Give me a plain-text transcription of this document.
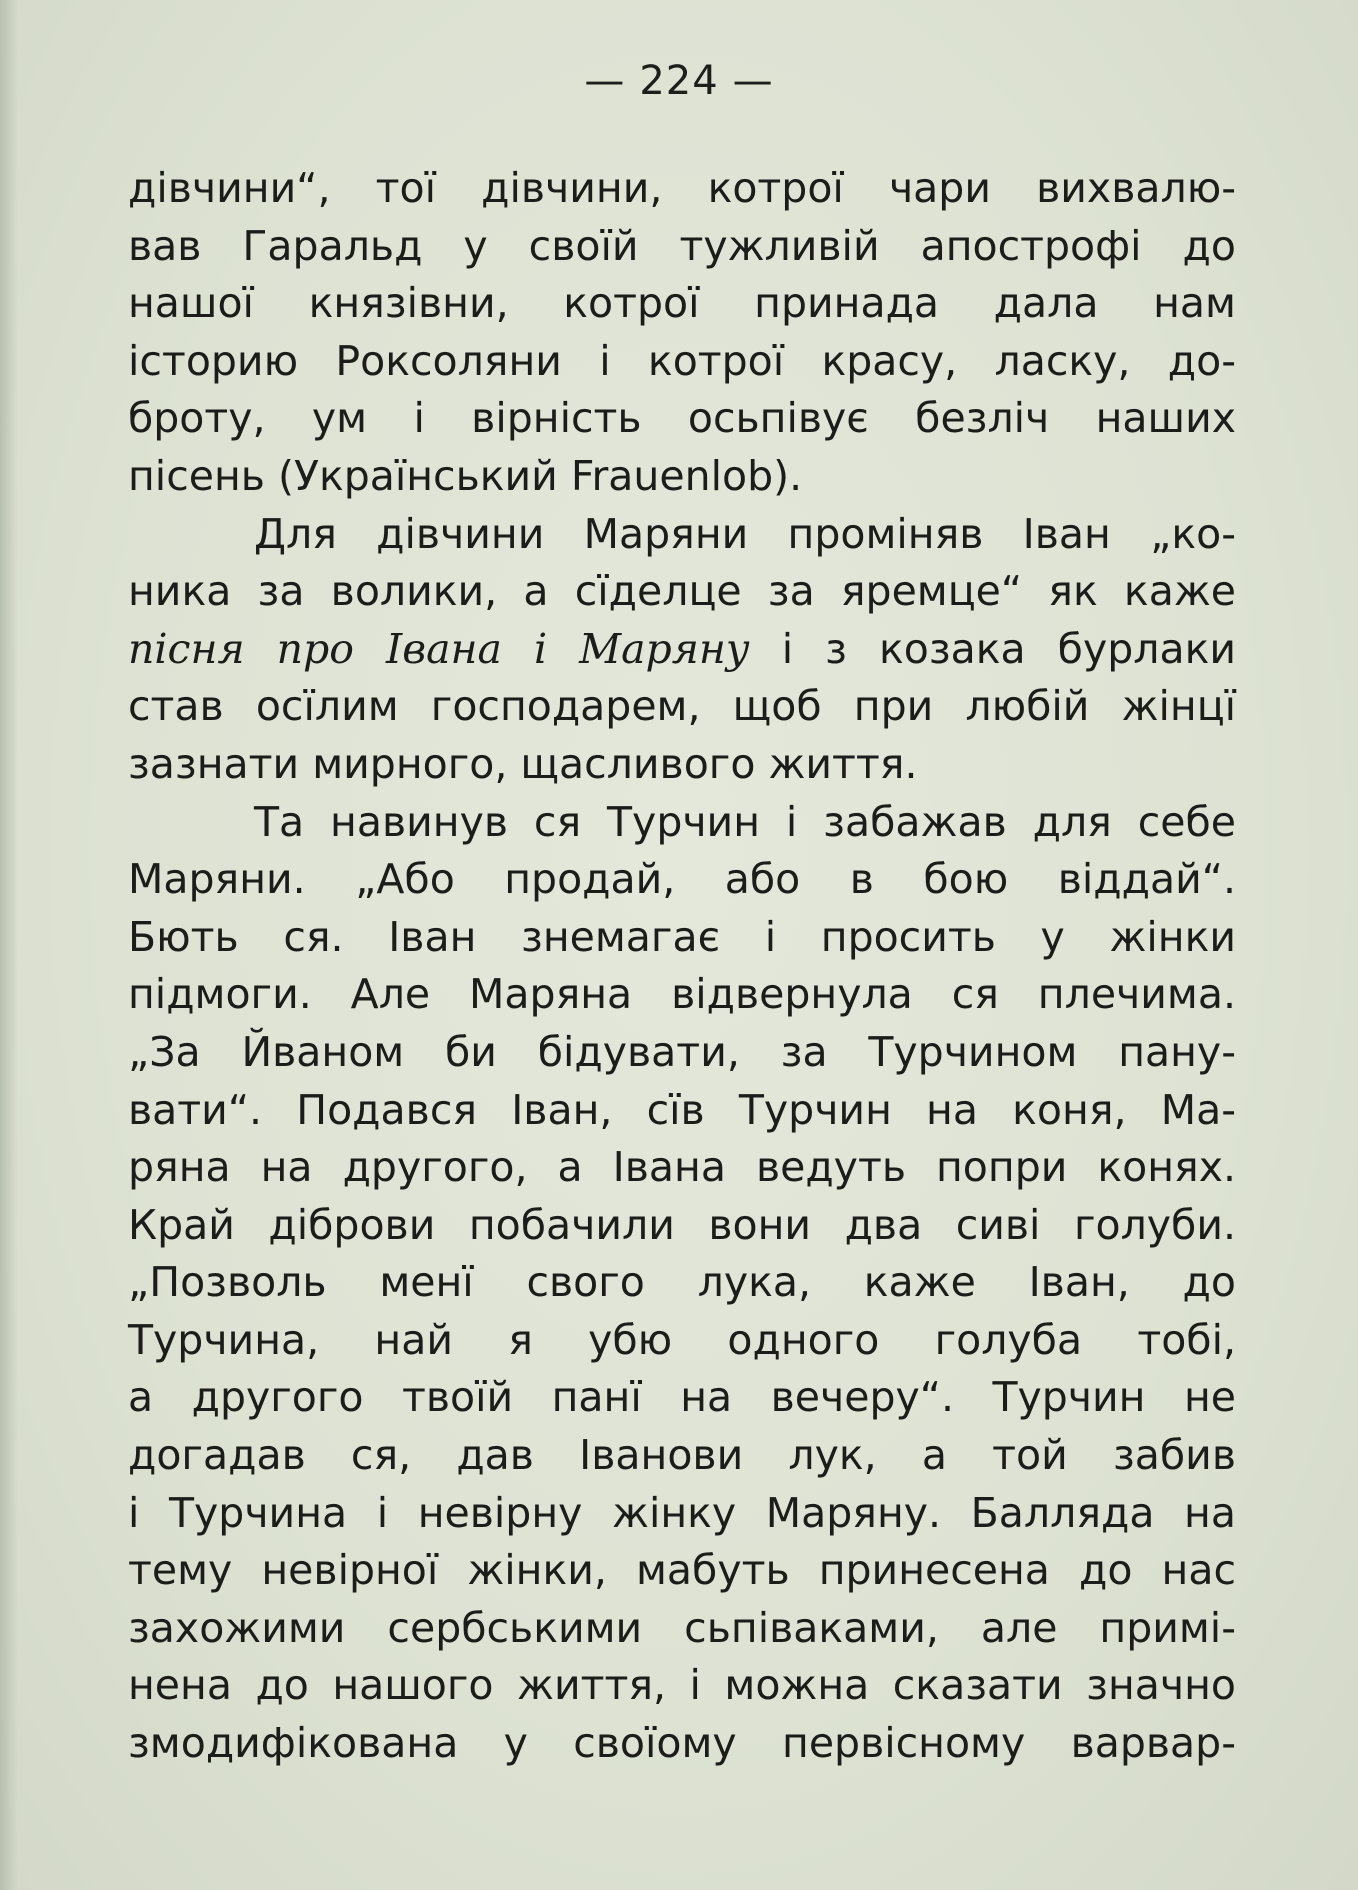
— 224 —

дівчини“, тої дівчини, котрої чари вихвалю-
вав Гаральд у своїй тужливій апострофі до
нашої князівни, котрої принада дала нам
історию Роксоляни і котрої красу, ласку, до-
броту, ум і вірність осьпівує безліч наших
пісень (Український Frauenlob).
Для дівчини Маряни проміняв Іван „ко-
ника за волики, а сїделце за яремце“ як каже
пісня про Івана і Маряну і з козака бурлаки
став осїлим господарем, щоб при любій жінцї
зазнати мирного, щасливого життя.
Та навинув ся Турчин і забажав для себе
Маряни. „Або продай, або в бою віддай“.
Бють ся. Іван знемагає і просить у жінки
підмоги. Але Маряна відвернула ся плечима.
„За Йваном би бідувати, за Турчином пану-
вати“. Подався Іван, сїв Турчин на коня, Ма-
ряна на другого, а Івана ведуть попри конях.
Край діброви побачили вони два сиві голуби.
„Позволь менї свого лука, каже Іван, до
Турчина, най я убю одного голуба тобі,
а другого твоїй панї на вечеру“. Турчин не
догадав ся, дав Іванови лук, а той забив
і Турчина і невірну жінку Маряну. Балляда на
тему невірної жінки, мабуть принесена до нас
захожими сербськими сьпіваками, але примі-
нена до нашого життя, і можна сказати значно
змодифікована у своїому первісному варвар-
